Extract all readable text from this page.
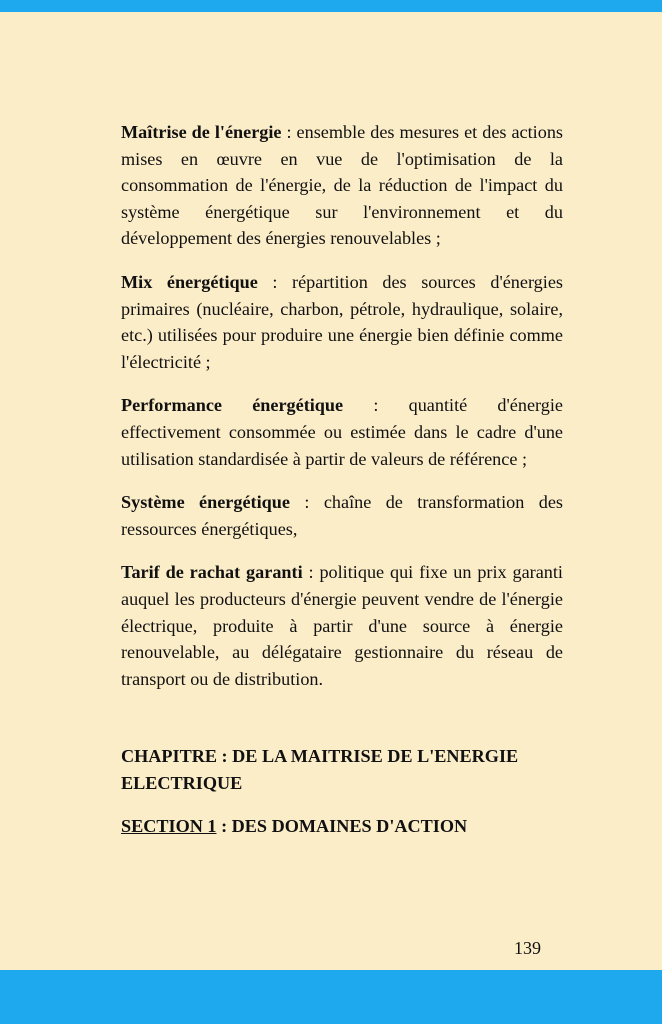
Maîtrise de l'énergie : ensemble des mesures et des actions mises en œuvre en vue de l'optimisation de la consommation de l'énergie, de la réduction de l'impact du système énergétique sur l'environnement et du développement des énergies renouvelables ;

Mix énergétique : répartition des sources d'énergies primaires (nucléaire, charbon, pétrole, hydraulique, solaire, etc.) utilisées pour produire une énergie bien définie comme l'électricité ;

Performance énergétique : quantité d'énergie effectivement consommée ou estimée dans le cadre d'une utilisation standardisée à partir de valeurs de référence ;

Système énergétique : chaîne de transformation des ressources énergétiques,

Tarif de rachat garanti : politique qui fixe un prix garanti auquel les producteurs d'énergie peuvent vendre de l'énergie électrique, produite à partir d'une source à énergie renouvelable, au délégataire gestionnaire du réseau de transport ou de distribution.

CHAPITRE : DE LA MAITRISE DE L'ENERGIE ELECTRIQUE

SECTION 1 : DES DOMAINES D'ACTION

139
